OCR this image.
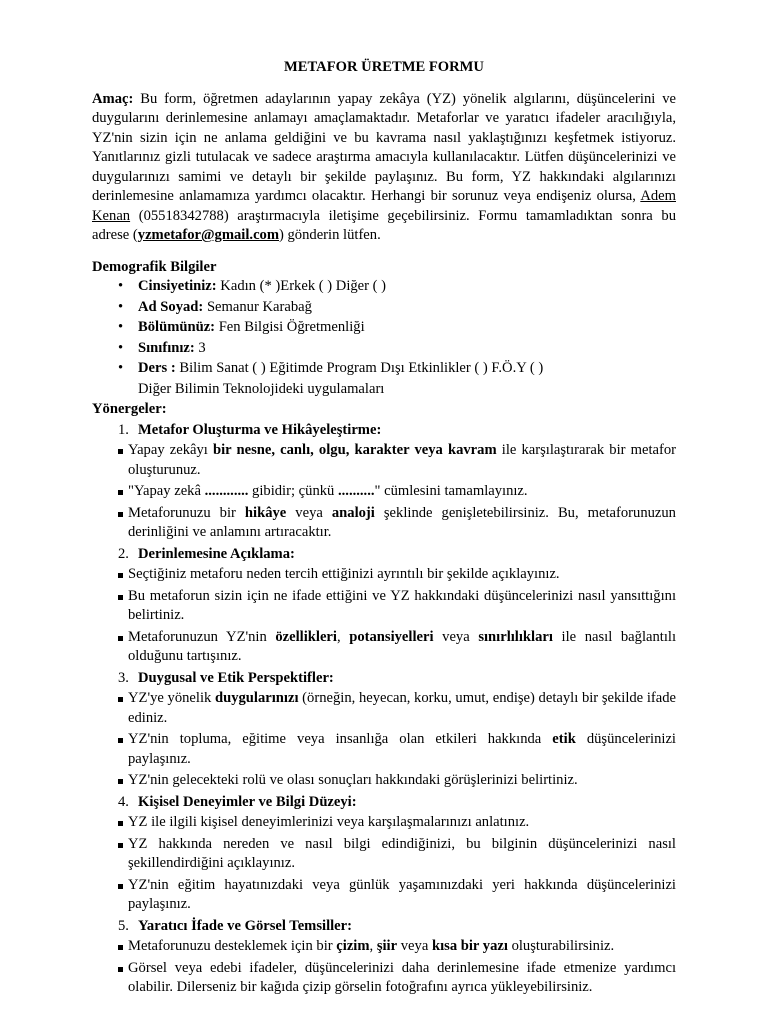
METAFOR ÜRETME FORMU
Amaç: Bu form, öğretmen adaylarının yapay zekâya (YZ) yönelik algılarını, düşüncelerini ve duygularını derinlemesine anlamayı amaçlamaktadır. Metaforlar ve yaratıcı ifadeler aracılığıyla, YZ'nin sizin için ne anlama geldiğini ve bu kavrama nasıl yaklaştığınızı keşfetmek istiyoruz. Yanıtlarınız gizli tutulacak ve sadece araştırma amacıyla kullanılacaktır. Lütfen düşüncelerinizi ve duygularınızı samimi ve detaylı bir şekilde paylaşınız. Bu form, YZ hakkındaki algılarınızı derinlemesine anlamamıza yardımcı olacaktır. Herhangi bir sorunuz veya endişeniz olursa, Adem Kenan (05518342788) araştırmacıyla iletişime geçebilirsiniz. Formu tamamladıktan sonra bu adrese (yzmetafor@gmail.com) gönderin lütfen.
Demografik Bilgiler
• Cinsiyetiniz: Kadın (* )Erkek ( ) Diğer ( )
• Ad Soyad: Semanur Karabağ
• Bölümünüz: Fen Bilgisi Öğretmenliği
• Sınıfınız: 3
• Ders : Bilim Sanat ( ) Eğitimde Program Dışı Etkinlikler ( ) F.Ö.Y ( )
Diğer Bilimin Teknolojideki uygulamaları
Yönergeler:
1. Metafor Oluşturma ve Hikâyeleştirme:
Yapay zekâyı bir nesne, canlı, olgu, karakter veya kavram ile karşılaştırarak bir metafor oluşturunuz.
"Yapay zekâ ............ gibidir; çünkü .........." cümlesini tamamlayınız.
Metaforunuzu bir hikâye veya analoji şeklinde genişletebilirsiniz. Bu, metaforunuzun derinliğini ve anlamını artıracaktır.
2. Derinlemesine Açıklama:
Seçtiğiniz metaforu neden tercih ettiğinizi ayrıntılı bir şekilde açıklayınız.
Bu metaforun sizin için ne ifade ettiğini ve YZ hakkındaki düşüncelerinizi nasıl yansıttığını belirtiniz.
Metaforunuzun YZ'nin özellikleri, potansiyelleri veya sınırlılıkları ile nasıl bağlantılı olduğunu tartışınız.
3. Duygusal ve Etik Perspektifler:
YZ'ye yönelik duygularınızı (örneğin, heyecan, korku, umut, endişe) detaylı bir şekilde ifade ediniz.
YZ'nin topluma, eğitime veya insanlığa olan etkileri hakkında etik düşüncelerinizi paylaşınız.
YZ'nin gelecekteki rolü ve olası sonuçları hakkındaki görüşlerinizi belirtiniz.
4. Kişisel Deneyimler ve Bilgi Düzeyi:
YZ ile ilgili kişisel deneyimlerinizi veya karşılaşmalarınızı anlatınız.
YZ hakkında nereden ve nasıl bilgi edindiğinizi, bu bilginin düşüncelerinizi nasıl şekillendirdiğini açıklayınız.
YZ'nin eğitim hayatınızdaki veya günlük yaşamınızdaki yeri hakkında düşüncelerinizi paylaşınız.
5. Yaratıcı İfade ve Görsel Temsiller:
Metaforunuzu desteklemek için bir çizim, şiir veya kısa bir yazı oluşturabilirsiniz.
Görsel veya edebi ifadeler, düşüncelerinizi daha derinlemesine ifade etmenize yardımcı olabilir. Dilerseniz bir kağıda çizip görselin fotoğrafını ayrıca yükleyebilirsiniz.
